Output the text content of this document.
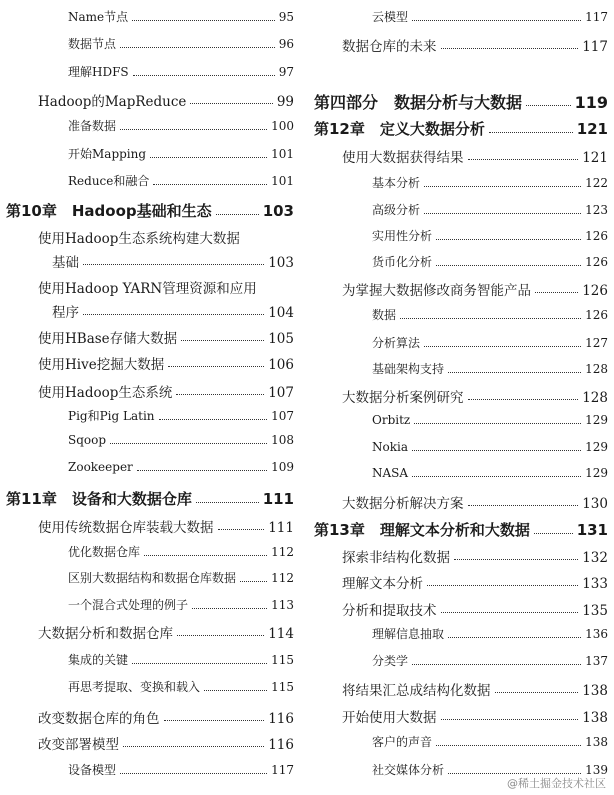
Name节点	95
数据节点	96
理解HDFS	97
Hadoop的MapReduce	99
准备数据	100
开始Mapping	101
Reduce和融合	101
第10章　Hadoop基础和生态	103
使用Hadoop生态系统构建大数据
基础	103
使用Hadoop YARN管理资源和应用
程序	104
使用HBase存储大数据	105
使用Hive挖掘大数据	106
使用Hadoop生态系统	107
Pig和Pig Latin	107
Sqoop	108
Zookeeper	109
第11章　设备和大数据仓库	111
使用传统数据仓库装载大数据	111
优化数据仓库	112
区别大数据结构和数据仓库数据	112
一个混合式处理的例子	113
大数据分析和数据仓库	114
集成的关键	115
再思考提取、变换和载入	115
改变数据仓库的角色	116
改变部署模型	116
设备模型	117
云模型	117
数据仓库的未来	117
第四部分　数据分析与大数据	119
第12章　定义大数据分析	121
使用大数据获得结果	121
基本分析	122
高级分析	123
实用性分析	126
货币化分析	126
为掌握大数据修改商务智能产品	126
数据	126
分析算法	127
基础架构支持	128
大数据分析案例研究	128
Orbitz	129
Nokia	129
NASA	129
大数据分析解决方案	130
第13章　理解文本分析和大数据	131
探索非结构化数据	132
理解文本分析	133
分析和提取技术	135
理解信息抽取	136
分类学	137
将结果汇总成结构化数据	138
开始使用大数据	138
客户的声音	138
社交媒体分析	139
@稀土掘金技术社区
